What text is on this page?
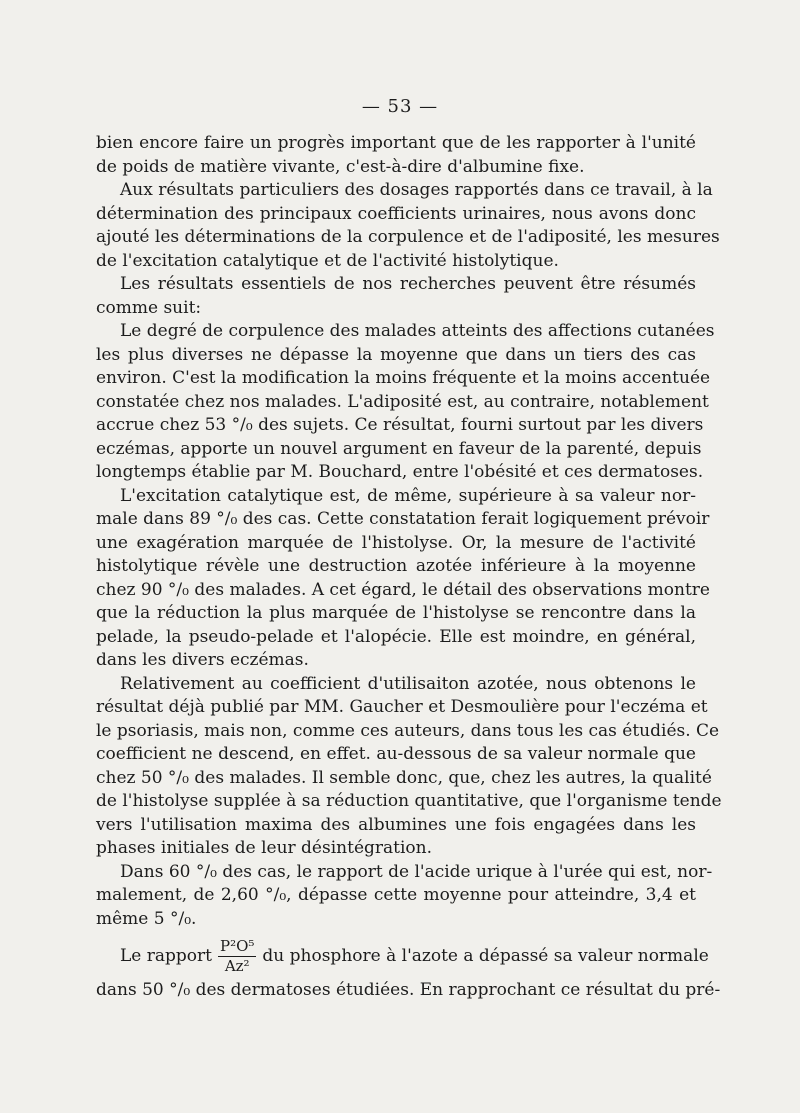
— 53 —
bien encore faire un progrès important que de les rapporter à l'unité
de poids de matière vivante, c'est-à-dire d'albumine fixe.
Aux résultats particuliers des dosages rapportés dans ce travail, à la
détermination des principaux coefficients urinaires, nous avons donc
ajouté les déterminations de la corpulence et de l'adiposité, les mesures
de l'excitation catalytique et de l'activité histolytique.
Les résultats essentiels de nos recherches peuvent être résumés
comme suit:
Le degré de corpulence des malades atteints des affections cutanées
les plus diverses ne dépasse la moyenne que dans un tiers des cas
environ. C'est la modification la moins fréquente et la moins accentuée
constatée chez nos malades. L'adiposité est, au contraire, notablement
accrue chez 53 °/₀ des sujets. Ce résultat, fourni surtout par les divers
eczémas, apporte un nouvel argument en faveur de la parenté, depuis
longtemps établie par M. Bouchard, entre l'obésité et ces dermatoses.
L'excitation catalytique est, de même, supérieure à sa valeur nor-
male dans 89 °/₀ des cas. Cette constatation ferait logiquement prévoir
une exagération marquée de l'histolyse. Or, la mesure de l'activité
histolytique révèle une destruction azotée inférieure à la moyenne
chez 90 °/₀ des malades. A cet égard, le détail des observations montre
que la réduction la plus marquée de l'histolyse se rencontre dans la
pelade, la pseudo-pelade et l'alopécie. Elle est moindre, en général,
dans les divers eczémas.
Relativement au coefficient d'utilisaiton azotée, nous obtenons le
résultat déjà publié par MM. Gaucher et Desmoulière pour l'eczéma et
le psoriasis, mais non, comme ces auteurs, dans tous les cas étudiés. Ce
coefficient ne descend, en effet. au-dessous de sa valeur normale que
chez 50 °/₀ des malades. Il semble donc, que, chez les autres, la qualité
de l'histolyse supplée à sa réduction quantitative, que l'organisme tende
vers l'utilisation maxima des albumines une fois engagées dans les
phases initiales de leur désintégration.
Dans 60 °/₀ des cas, le rapport de l'acide urique à l'urée qui est, nor-
malement, de 2,60 °/₀, dépasse cette moyenne pour atteindre, 3,4 et
même 5 °/₀.
Le rapport $\frac{\text{P²O⁵}}{\text{Az²}}$ du phosphore à l'azote a dépassé sa valeur normale
dans 50 °/₀ des dermatoses étudiées. En rapprochant ce résultat du pré-
